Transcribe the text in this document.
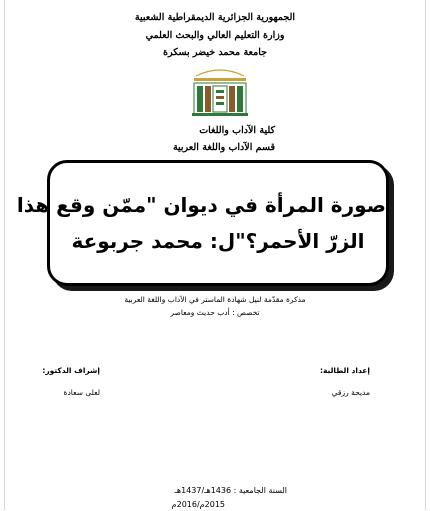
الجمهورية الجزائرية الديمقراطية الشعبية
وزارة التعليم العالي والبحث العلمي
جامعة محمد خيضر بسكرة
كلية الآداب واللغات
قسم الآداب واللغة العربية
صورة المرأة في ديوان "ممّن وقع هذا
الزرّ الأحمر؟"ل: محمد جربوعة
مذكرة مقدّمة لنيل شهادة الماستر في الآداب واللغة العربية
تخصص : أدب حديث ومعاصر
إعداد الطالبة:
مديحة رزقي
إشراف الدكتور:
لعلى سعادة
السنة الجامعية : 1436هـ/1437هـ
2015م/2016م
